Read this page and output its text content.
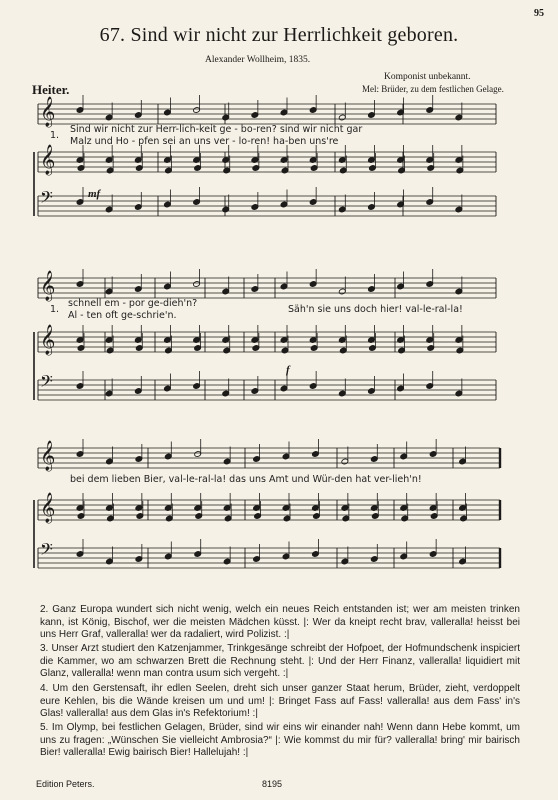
𝄞
𝄞
𝄢
𝄞
𝄞
𝄢
𝄞
𝄞
𝄢
95
67. Sind wir nicht zur Herrlichkeit geboren.
Alexander Wollheim, 1835.
Komponist unbekannt.
Mel: Brüder, zu dem festlichen Gelage.
Heiter.
1.
Sind wir nicht zur Herr-lich-keit ge - bo-ren? sind wir nicht gar
Malz und Ho - pfen sei an uns ver - lo-ren! ha-ben uns're
mf
1.
schnell em - por ge-dieh'n?
Al - ten oft ge-schrie'n.
Säh'n sie uns doch hier! val-le-ral-la!
f
bei dem lieben Bier, val-le-ral-la! das uns Amt und Wür-den hat ver-lieh'n!
2. Ganz Europa wundert sich nicht wenig, welch ein neues Reich entstanden ist; wer am meisten trinken kann, ist König, Bischof, wer die meisten Mädchen küsst. |: Wer da kneipt recht brav, valleralla! heisst bei uns Herr Graf, valleralla! wer da radaliert, wird Polizist. :|
3. Unser Arzt studiert den Katzenjammer, Trinkgesänge schreibt der Hofpoet, der Hofmundschenk inspiciert die Kammer, wo am schwarzen Brett die Rechnung steht. |: Und der Herr Finanz, valleralla! liquidiert mit Glanz, valleralla! wenn man contra usum sich vergeht. :|
4. Um den Gerstensaft, ihr edlen Seelen, dreht sich unser ganzer Staat herum, Brüder, zieht, verdoppelt eure Kehlen, bis die Wände kreisen um und um! |: Bringet Fass auf Fass! valleralla! aus dem Fass' in's Glas! valleralla! aus dem Glas in's Refektorium! :|
5. Im Olymp, bei festlichen Gelagen, Brüder, sind wir eins wir einander nah! Wenn dann Hebe kommt, um uns zu fragen: „Wünschen Sie vielleicht Ambrosia?“ |: Wie kommst du mir für? valleralla! bring' mir bairisch Bier! valleralla! Ewig bairisch Bier! Hallelujah! :|
Edition Peters.	8195
